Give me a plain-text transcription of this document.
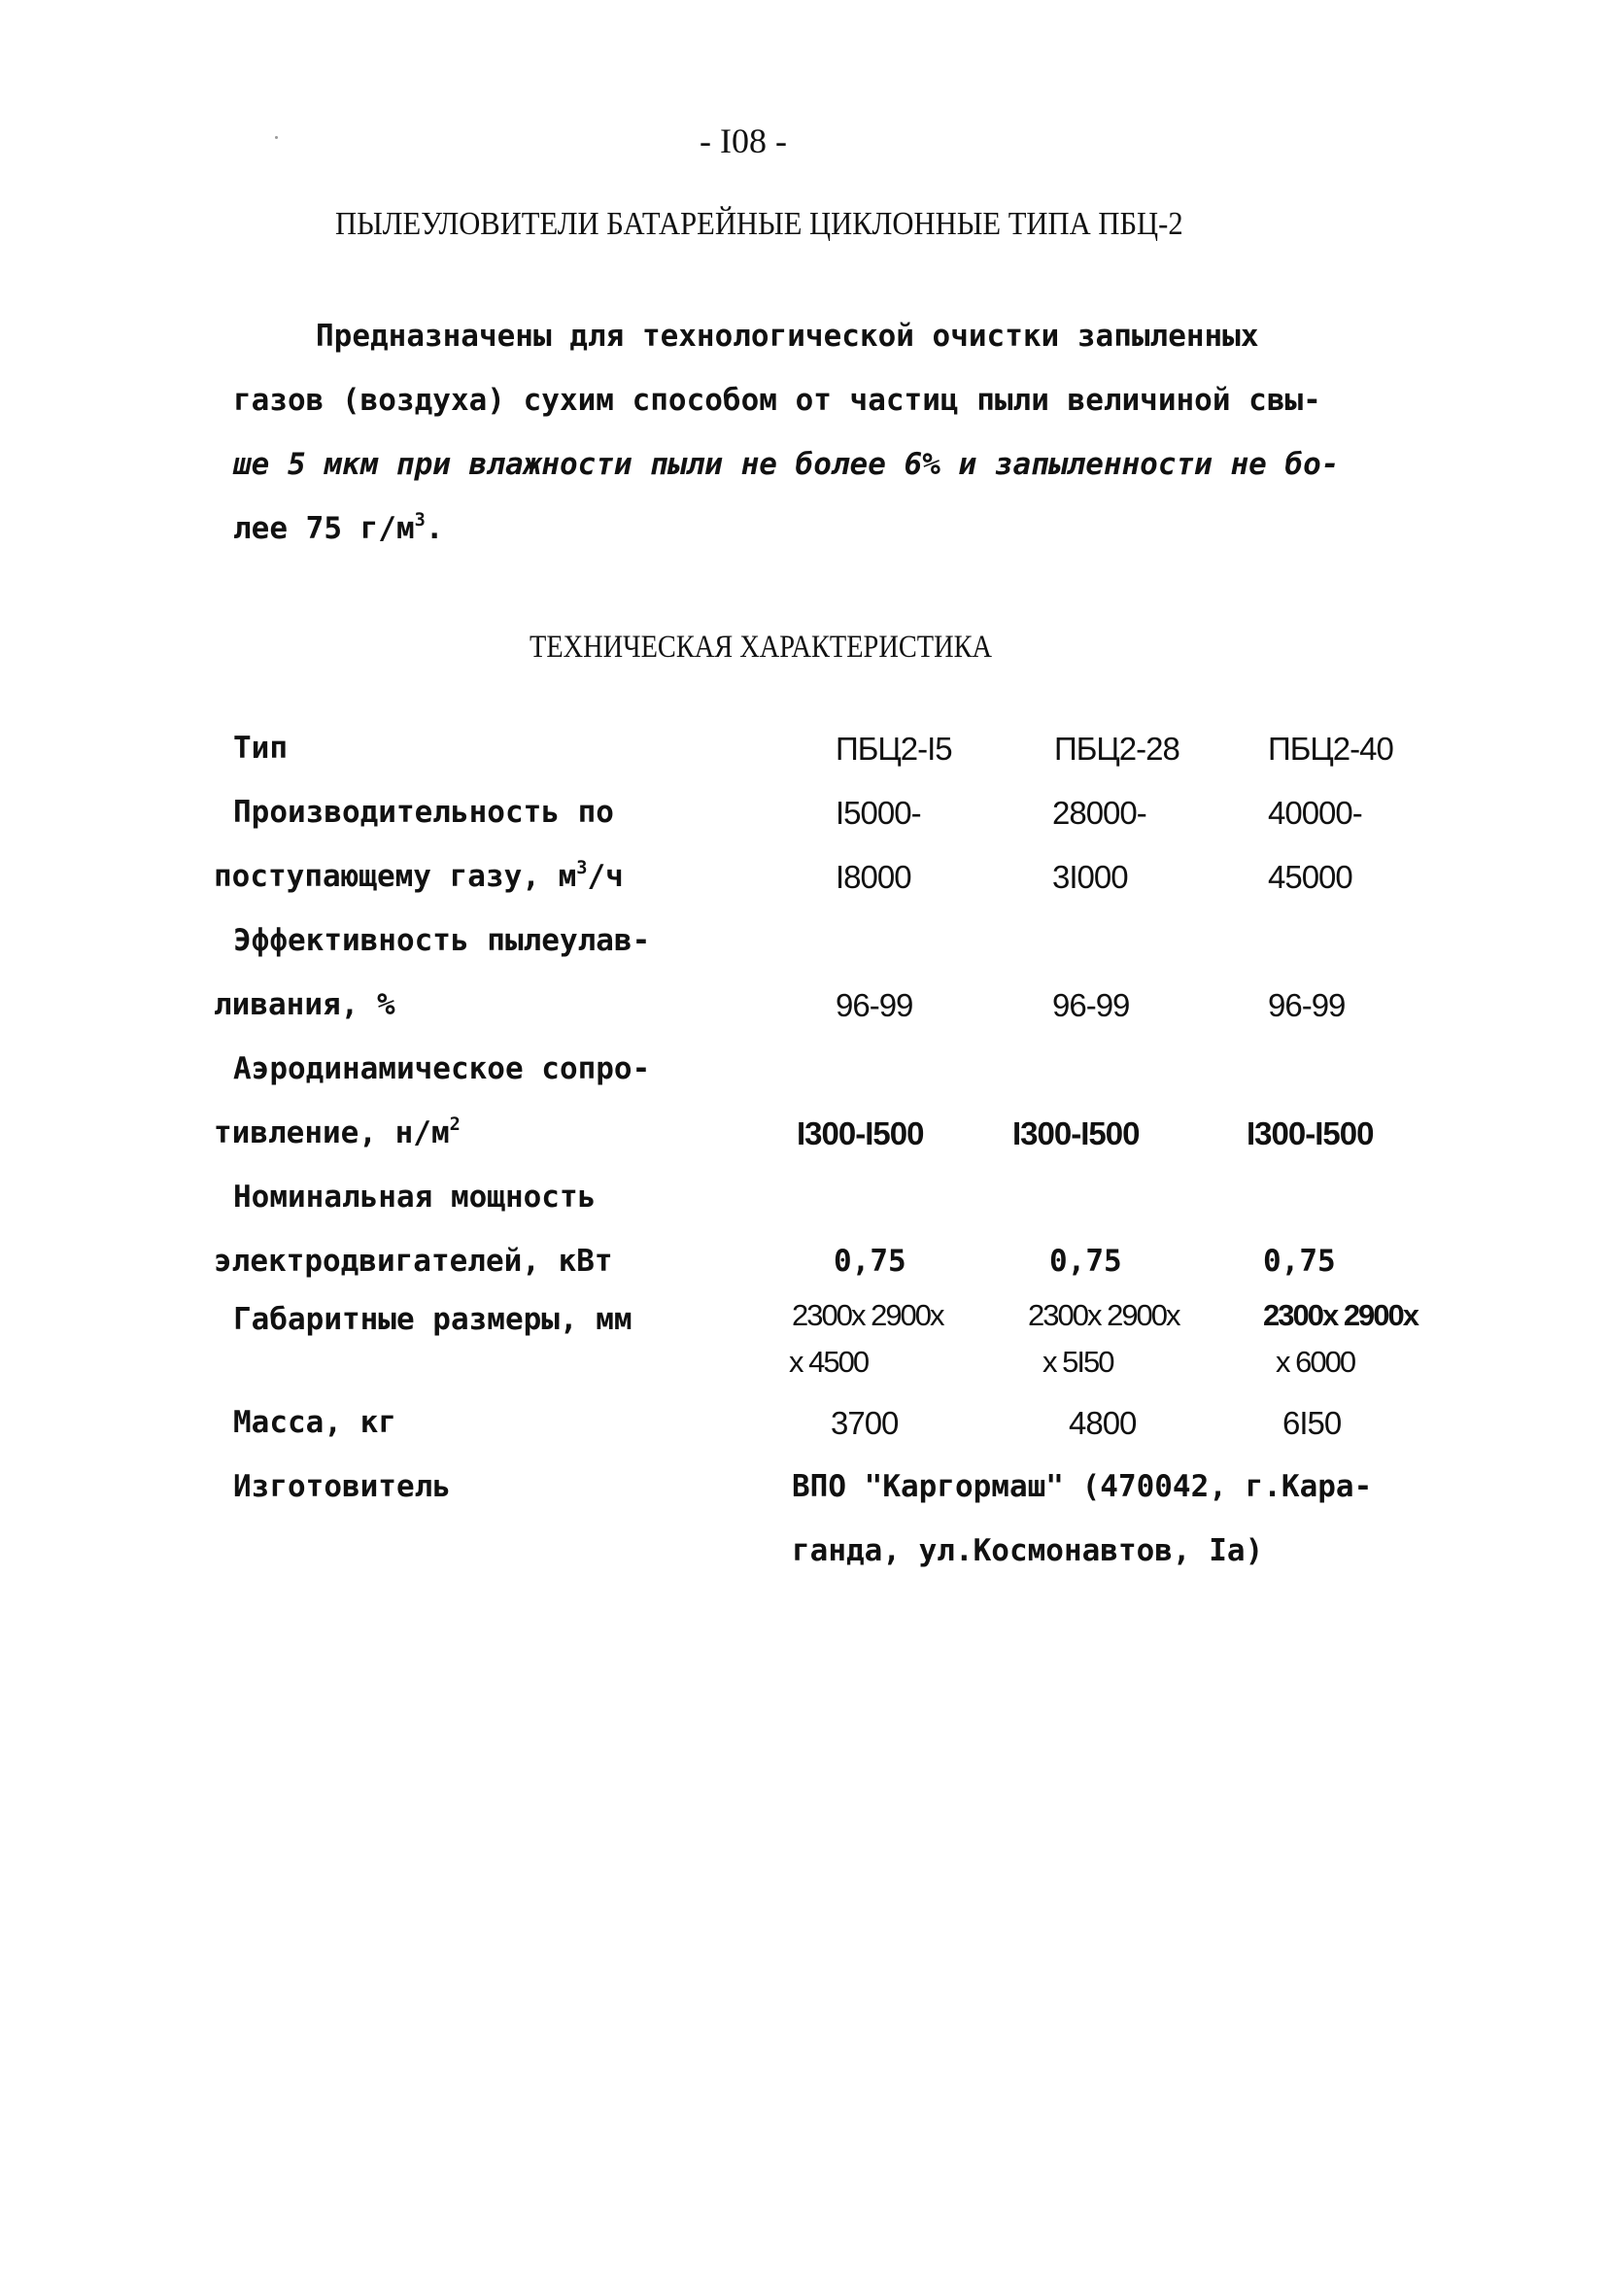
- I08 -
ПЫЛЕУЛОВИТЕЛИ БАТАРЕЙНЫЕ ЦИКЛОННЫЕ ТИПА ПБЦ-2
Предназначены для технологической очистки запыленных
газов (воздуха) сухим способом от частиц пыли величиной свы-
ше 5 мкм при влажности пыли не более 6% и запыленности не бо-
лее 75 $г/м^3$.
ТЕХНИЧЕСКАЯ ХАРАКТЕРИСТИКА
Тип	ПБЦ2-I5	ПБЦ2-28	ПБЦ2-40
Производительность по
поступающему газу, $м^3/ч$
I5000-	28000-	40000-
I8000	3I000	45000
Эффективность пылеулав-
ливания, %	96-99	96-99	96-99
Аэродинамическое сопро-
тивление, $н/м^2$	I300-I500	I300-I500	I300-I500
Номинальная мощность
электродвигателей, кВт	0,75	0,75	0,75
Габаритные размеры, мм	2300x 2900x	2300x 2900x	2300x 2900x
x 4500	x 5I50	x 6000
Масса, кг	3700	4800	6I50
Изготовитель	ВПО "Каргормаш" (470042, г.Кара-
ганда, ул.Космонавтов, Iа)
